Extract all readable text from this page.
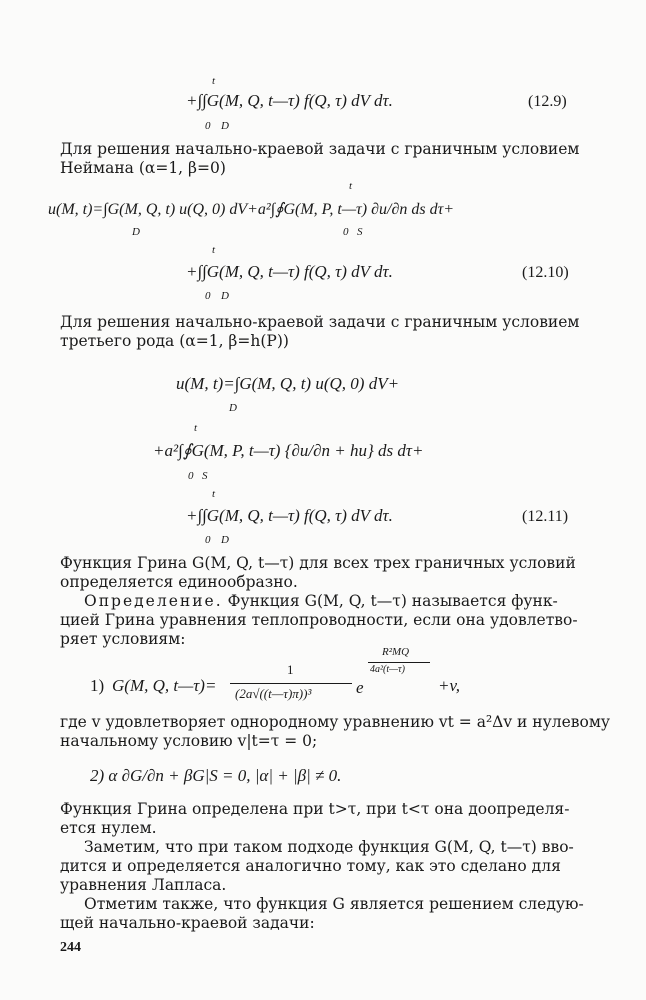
t
0 D
+∫∫G(M, Q, t—τ) f(Q, τ) dV dτ.	(12.9)
Для решения начально-краевой задачи с граничным условием
Неймана (α=1, β=0)
t
u(M, t)=∫G(M, Q, t) u(Q, 0) dV+a²∫∮G(M, P, t—τ) ∂u/∂n ds dτ+
D	0 S
t
+∫∫G(M, Q, t—τ) f(Q, τ) dV dτ.
0 D
(12.10)
Для решения начально-краевой задачи с граничным условием
третьего рода (α=1, β=h(P))
u(M, t)=∫G(M, Q, t) u(Q, 0) dV+
D
t
+a²∫∮G(M, P, t—τ) {∂u/∂n + hu} ds dτ+
0 S
t
+∫∫G(M, Q, t—τ) f(Q, τ) dV dτ.
0 D
(12.11)
Функция Грина G(M, Q, t—τ) для всех трех граничных условий
определяется единообразно.
Определение. Функция G(M, Q, t—τ) называется функ-
цией Грина уравнения теплопроводности, если она удовлетво-
ряет условиям:
1) G(M, Q, t—τ)=
1
(2a√((t—τ)π))³	e
R²MQ
4a²(t—τ)
+v,
где v удовлетворяет однородному уравнению vt = a²Δv и нулевому
начальному условию v|t=τ = 0;
2) α ∂G/∂n + βG|S = 0, |α| + |β| ≠ 0.
Функция Грина определена при t>τ, при t<τ она доопределя-
ется нулем.
Заметим, что при таком подходе функция G(M, Q, t—τ) вво-
дится и определяется аналогично тому, как это сделано для
уравнения Лапласа.
Отметим также, что функция G является решением следую-
щей начально-краевой задачи:
244
